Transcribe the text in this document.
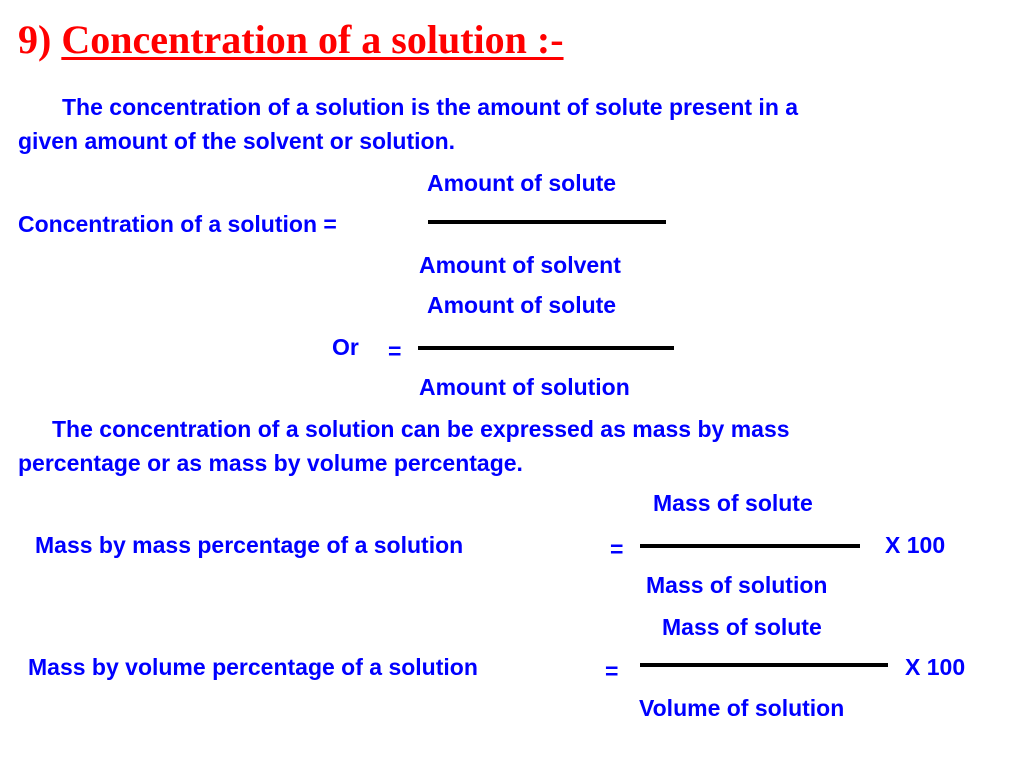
9) Concentration of a solution :-
The concentration of a solution is the amount of solute present in a
given amount of the solvent or solution.
Amount of solute
Concentration of a solution =
Amount of solvent
Amount of solute
Or =
Amount of solution
The concentration of a solution can be expressed as mass by mass
percentage or as mass by volume percentage.
Mass of solute
Mass by mass percentage of a solution	=	X 100
Mass of solution
Mass of solute
Mass by volume percentage of a solution	=	X 100
Volume of solution
